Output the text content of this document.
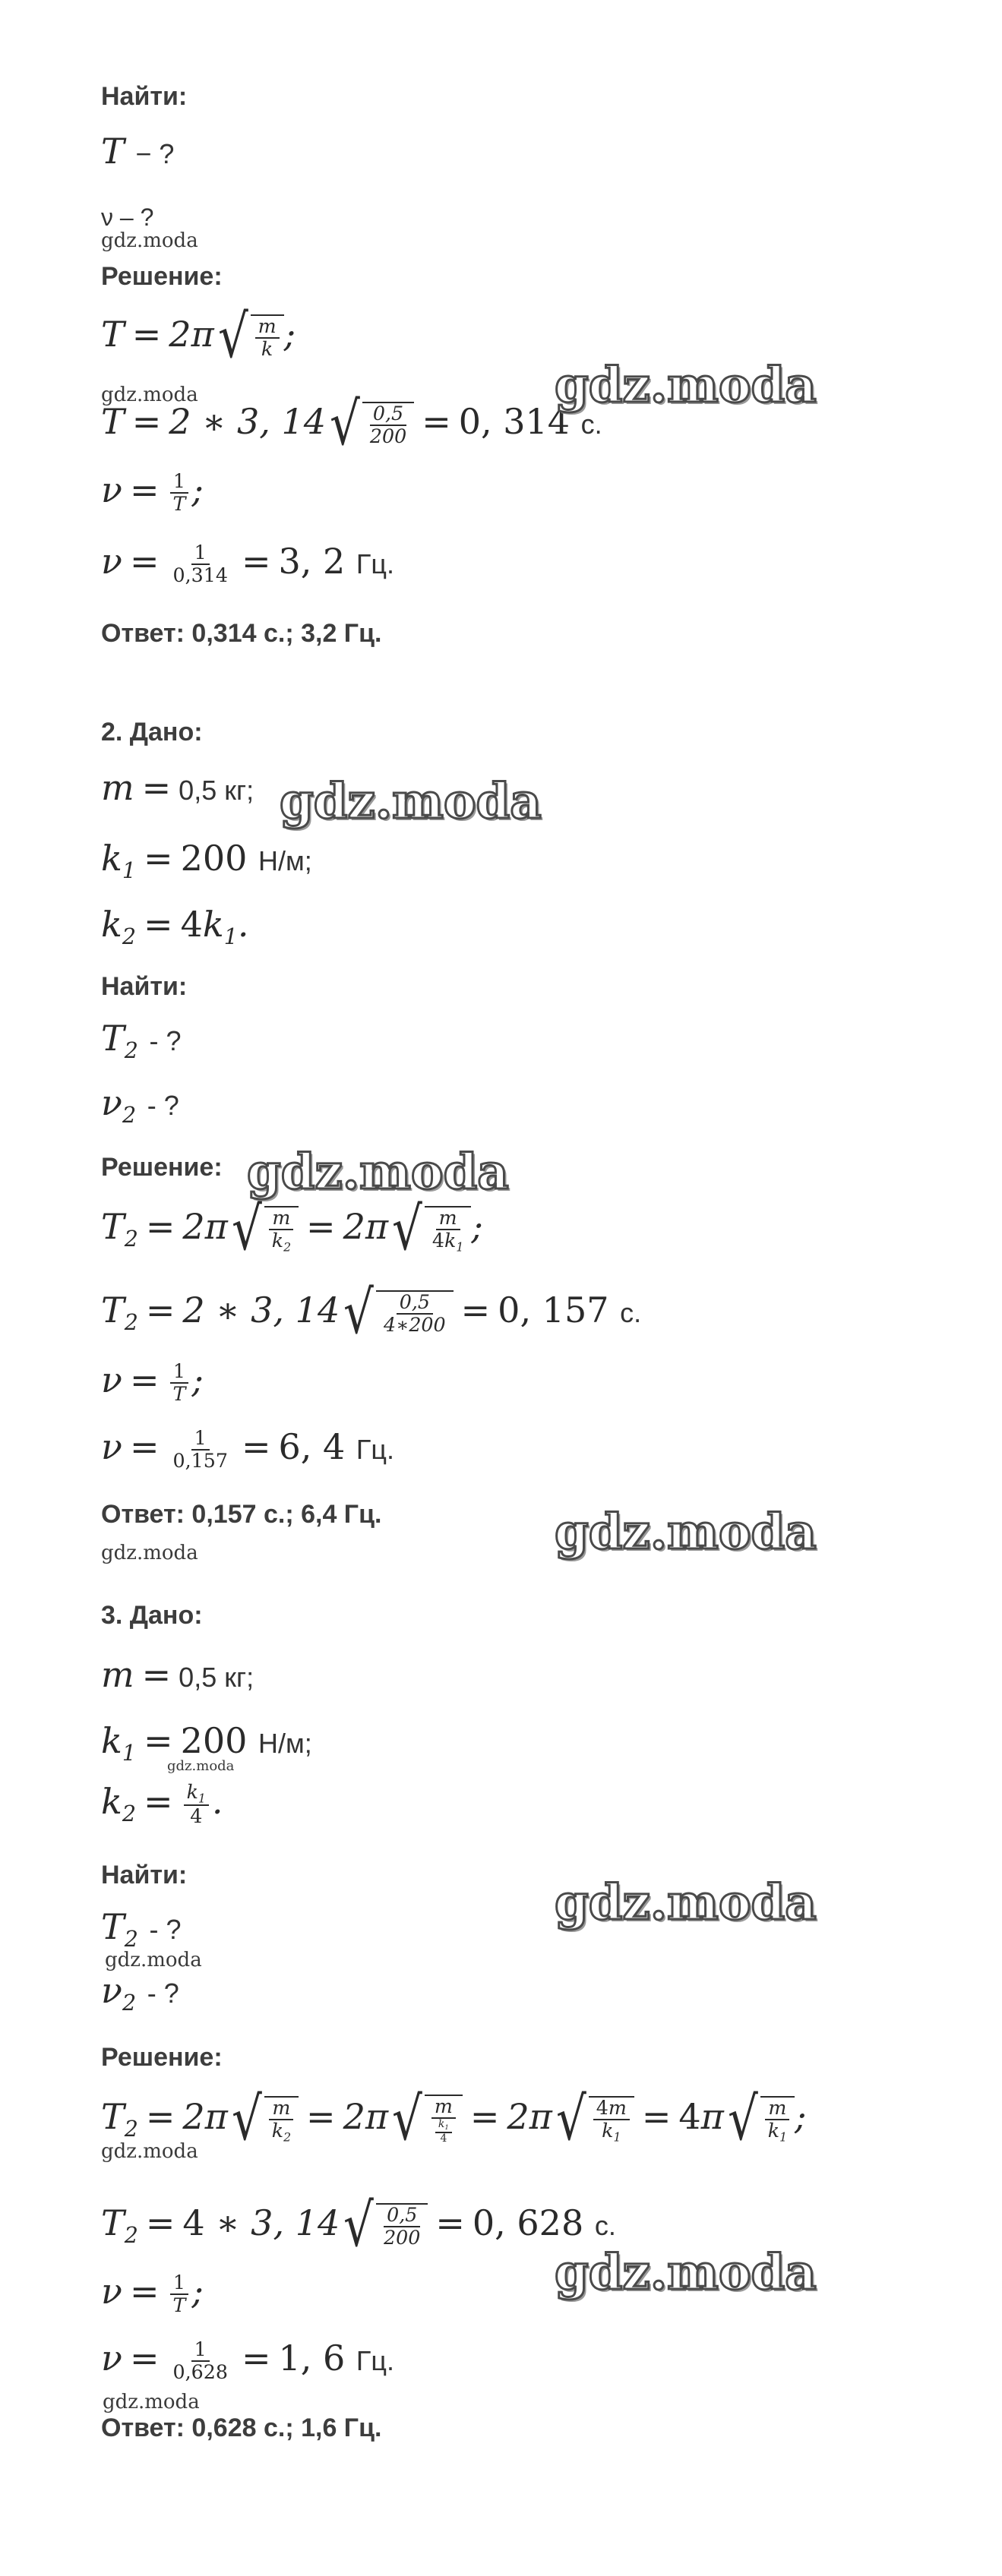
Найти:
T − ?
ν – ?
gdz.moda
Решение:
T = 2π √ m
k ;
gdz.moda
T = 2 ∗ 3, 14 √ 0,5
200 = 0, 314 с.
gdz.moda
$\nu = \frac{1}{T}$ ;
$\nu = \frac{1}{0,314} = 3$, 2 Гц.
Ответ: 0,314 с.; 3,2 Гц.
2. Дано:
m = 0,5 кг; gdz.moda
$k_1 = 200$ Н/м;
$k_2 = 4k_1$.
Найти:
$T_2$ - ?
$\nu_2$ - ?
Решение: gdz.moda
$T_2 = 2\pi$ √ m
$k_2 = 2\pi$ √ m
$4k_1$ ;
$T_2 = 2$ ∗ 3, 14 √ 0,5
4∗200 = 0, 157 с.
$\nu = \frac{1}{T}$ ;
$\nu = \frac{1}{0,157} = 6$, 4 Гц.
Ответ: 0,157 с.; 6,4 Гц.	gdz.moda
gdz.moda
3. Дано:
m = 0,5 кг;
$k_1 = 200$ Н/м;
gdz.moda
$k_2 = \frac{k_1}{4}$ .
Найти:	gdz.moda
$T_2$ - ?
gdz.moda
$\nu_2$ - ?
Решение:
$T_2 = 2\pi$ √ m
$k_2 = 2\pi$ √ m
$\frac{k_1}{4} = 2\pi$ √ 4m
$k_1 = 4\pi$ √ m
$k_1$ ;
gdz.moda
$T_2 = 4$ ∗ 3, 14 √ 0,5
200 = 0, 628 с.
gdz.moda
$\nu = \frac{1}{T}$ ;
$\nu = \frac{1}{0,628} = 1$, 6 Гц.
gdz.moda
Ответ: 0,628 с.; 1,6 Гц.
